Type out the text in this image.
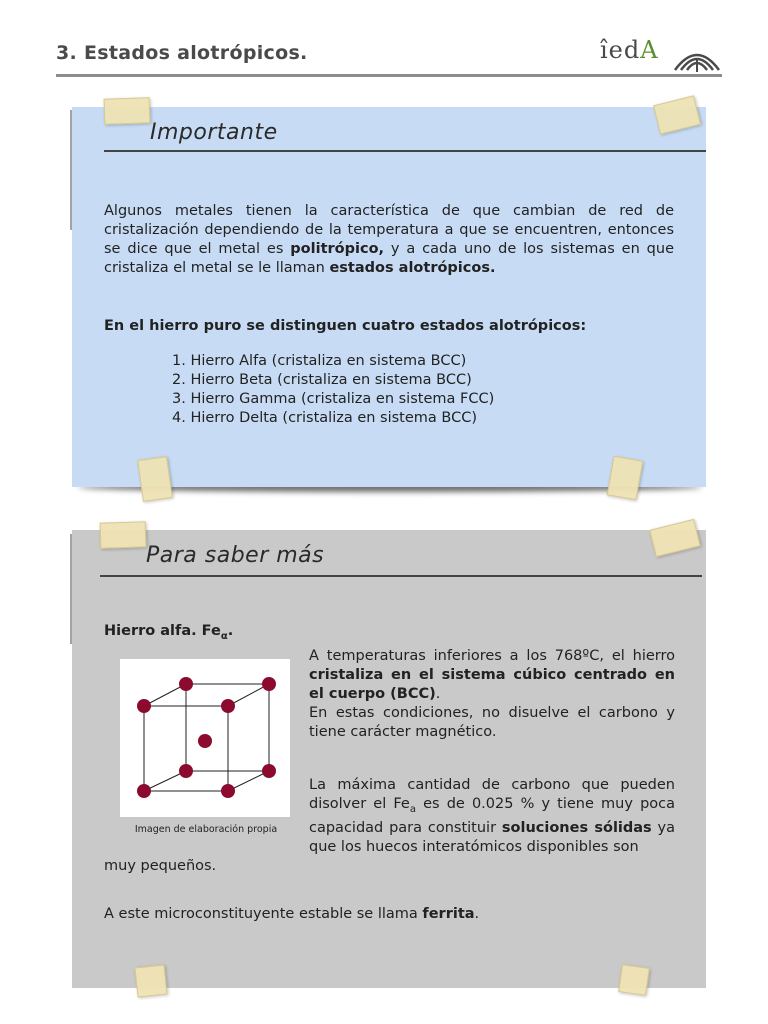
3. Estados alotrópicos.	îedA
Importante
Algunos metales tienen la característica de que cambian de red de cristalización dependiendo de la temperatura a que se encuentren, entonces se dice que el metal es politrópico, y a cada uno de los sistemas en que cristaliza el metal se le llaman estados alotrópicos.
En el hierro puro se distinguen cuatro estados alotrópicos:
1. Hierro Alfa (cristaliza en sistema BCC)
2. Hierro Beta (cristaliza en sistema BCC)
3. Hierro Gamma (cristaliza en sistema FCC)
4. Hierro Delta (cristaliza en sistema BCC)
Para saber más
Hierro alfa. $Fe_\alpha$.
Imagen de elaboración propia
A temperaturas inferiores a los 768ºC, el hierro cristaliza en el sistema cúbico centrado en el cuerpo (BCC).
En estas condiciones, no disuelve el carbono y tiene carácter magnético.
La máxima cantidad de carbono que pueden disolver el $Fe_a$ es de 0.025 % y tiene muy poca capacidad para constituir soluciones sólidas ya que los huecos interatómicos disponibles son
muy pequeños.
A este microconstituyente estable se llama ferrita.
